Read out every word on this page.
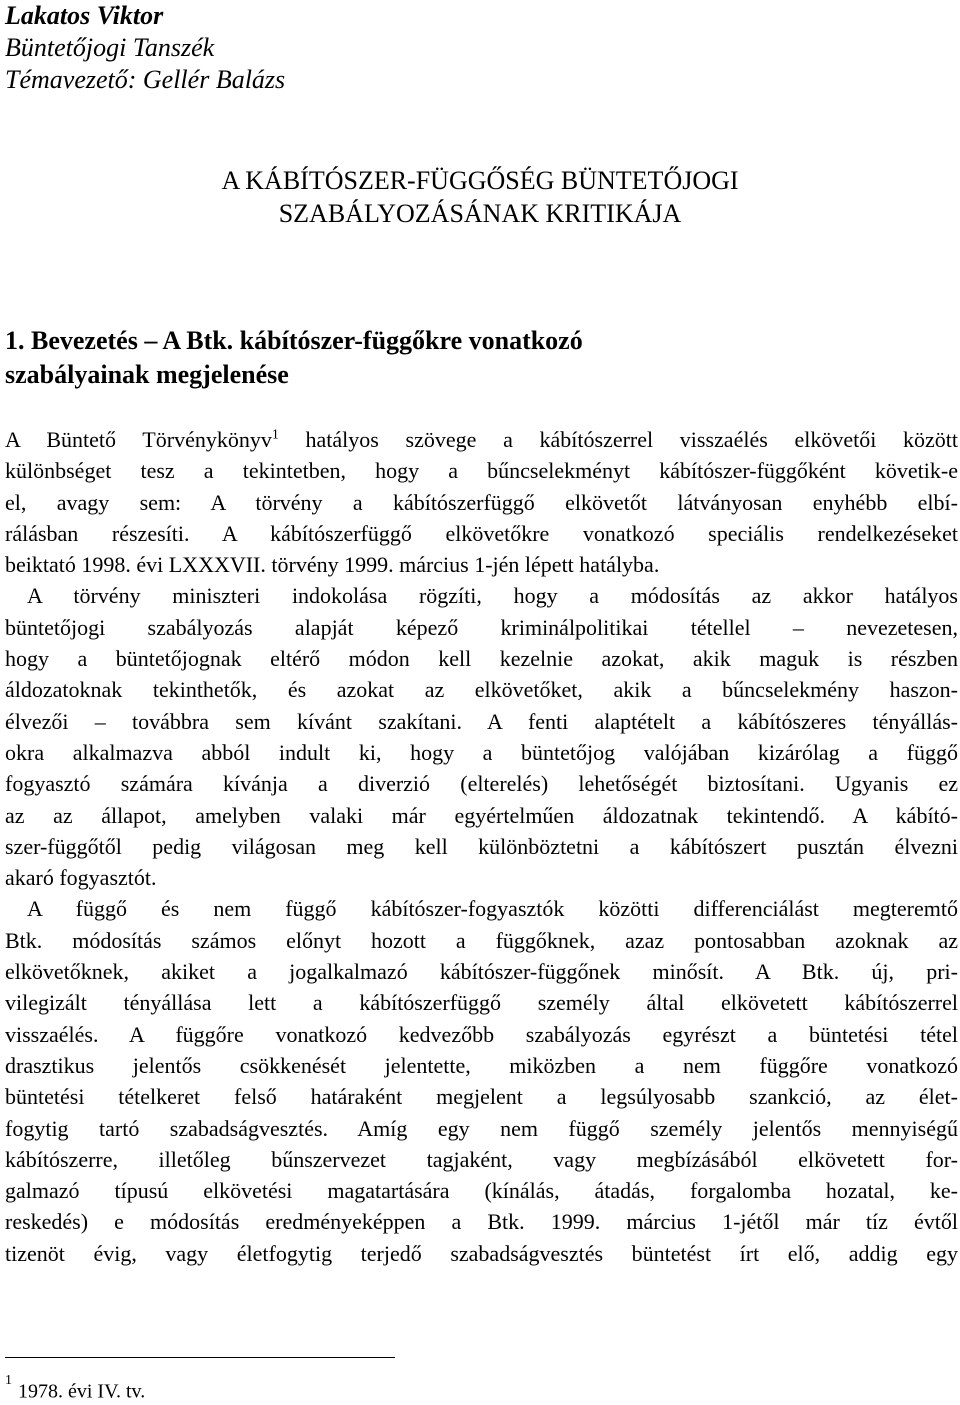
Lakatos Viktor
Büntetőjogi Tanszék
Témavezető: Gellér Balázs
A KÁBÍTÓSZER-FÜGGŐSÉG BÜNTETŐJOGI
SZABÁLYOZÁSÁNAK KRITIKÁJA
1. Bevezetés ‒ A Btk. kábítószer-függőkre vonatkozó
szabályainak megjelenése
A Büntető Törvénykönyv$^1$ hatályos szövege a kábítószerrel visszaélés elkövetői között
különbséget tesz a tekintetben, hogy a bűncselekményt kábítószer-függőként követik-e
el, avagy sem: A törvény a kábítószerfüggő elkövetőt látványosan enyhébb elbí-
rálásban részesíti. A kábítószerfüggő elkövetőkre vonatkozó speciális rendelkezéseket
beiktató 1998. évi LXXXVII. törvény 1999. március 1-jén lépett hatályba.
A törvény miniszteri indokolása rögzíti, hogy a módosítás az akkor hatályos
büntetőjogi szabályozás alapját képező kriminálpolitikai tétellel ‒ nevezetesen,
hogy a büntetőjognak eltérő módon kell kezelnie azokat, akik maguk is részben
áldozatoknak tekinthetők, és azokat az elkövetőket, akik a bűncselekmény haszon-
élvezői ‒ továbbra sem kívánt szakítani. A fenti alaptételt a kábítószeres tényállás-
okra alkalmazva abból indult ki, hogy a büntetőjog valójában kizárólag a függő
fogyasztó számára kívánja a diverzió (elterelés) lehetőségét biztosítani. Ugyanis ez
az az állapot, amelyben valaki már egyértelműen áldozatnak tekintendő. A kábító-
szer-függőtől pedig világosan meg kell különböztetni a kábítószert pusztán élvezni
akaró fogyasztót.
A függő és nem függő kábítószer-fogyasztók közötti differenciálást megteremtő
Btk. módosítás számos előnyt hozott a függőknek, azaz pontosabban azoknak az
elkövetőknek, akiket a jogalkalmazó kábítószer-függőnek minősít. A Btk. új, pri-
vilegizált tényállása lett a kábítószerfüggő személy által elkövetett kábítószerrel
visszaélés. A függőre vonatkozó kedvezőbb szabályozás egyrészt a büntetési tétel
drasztikus jelentős csökkenését jelentette, miközben a nem függőre vonatkozó
büntetési tételkeret felső határaként megjelent a legsúlyosabb szankció, az élet-
fogytig tartó szabadságvesztés. Amíg egy nem függő személy jelentős mennyiségű
kábítószerre, illetőleg bűnszervezet tagjaként, vagy megbízásából elkövetett for-
galmazó típusú elkövetési magatartására (kínálás, átadás, forgalomba hozatal, ke-
reskedés) e módosítás eredményeképpen a Btk. 1999. március 1-jétől már tíz évtől
tizenöt évig, vagy életfogytig terjedő szabadságvesztés büntetést írt elő, addig egy
$^1$1978. évi IV. tv.
